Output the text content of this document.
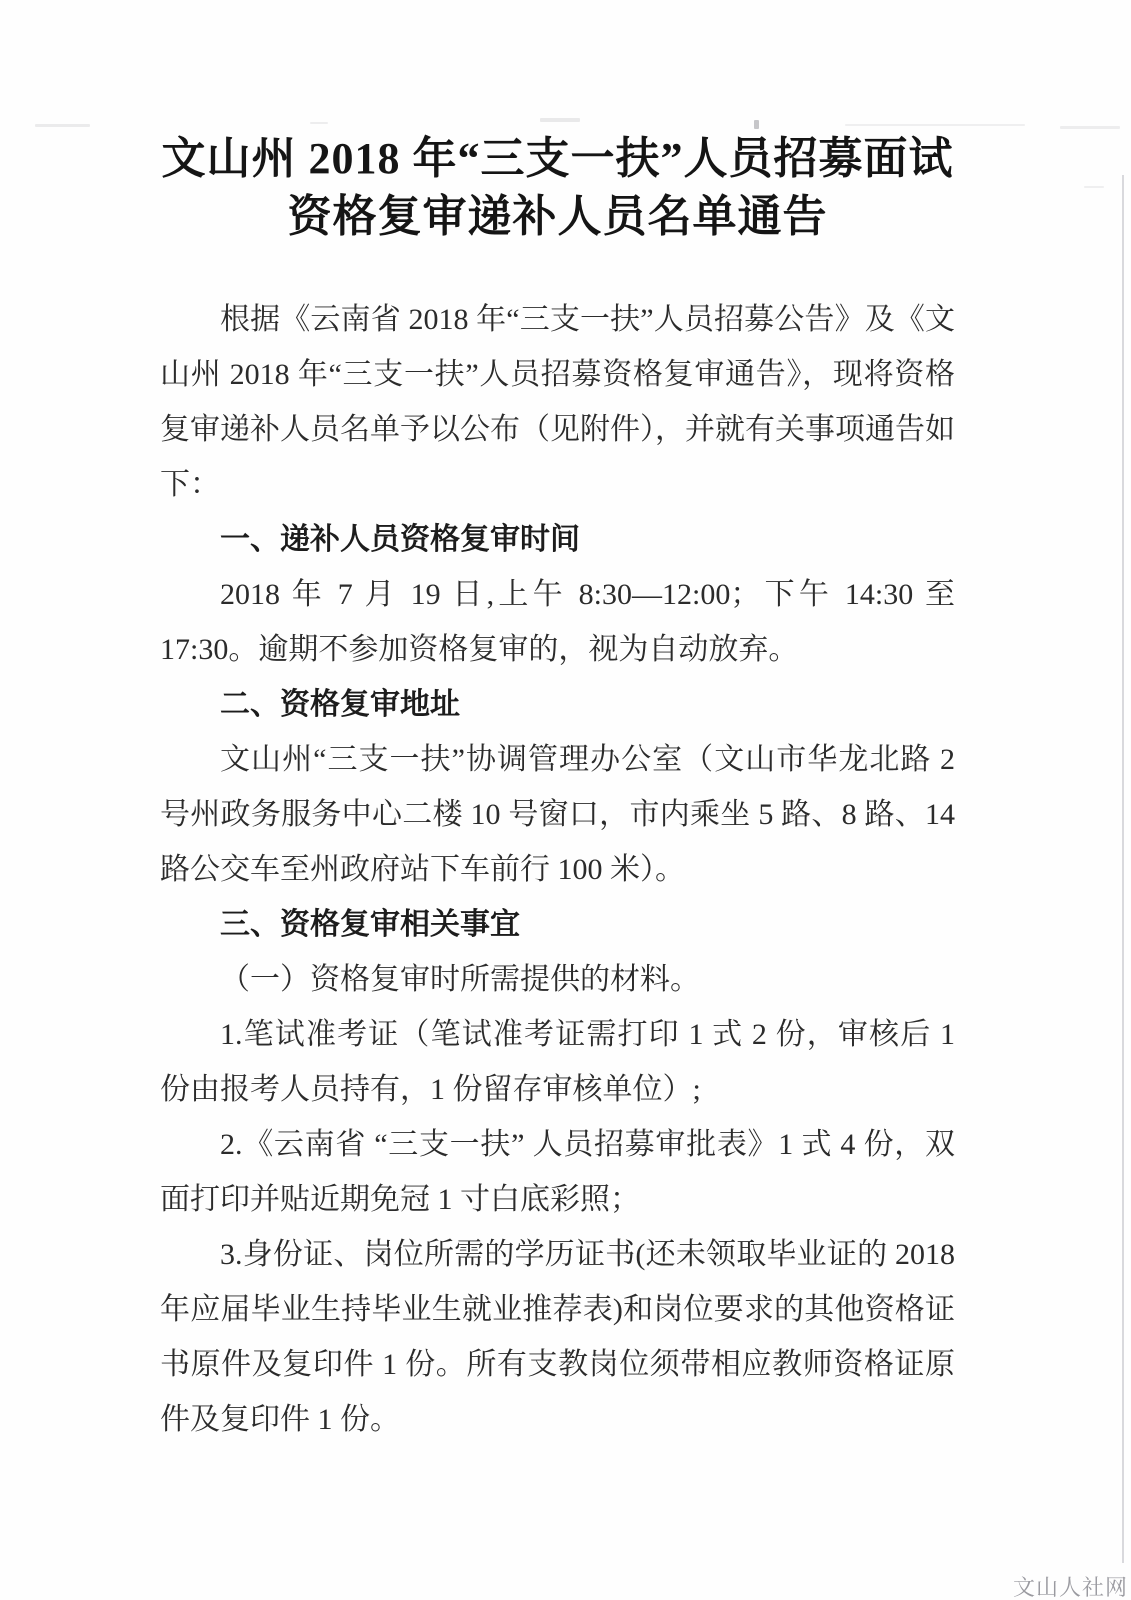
文山州 2018 年“三支一扶”人员招募面试
资格复审递补人员名单通告

根据《云南省 2018 年“三支一扶”人员招募公告》及《文山州 2018 年“三支一扶”人员招募资格复审通告》，现将资格复审递补人员名单予以公布（见附件），并就有关事项通告如下：

一、递补人员资格复审时间

2018 年 7 月 19 日,上午 8:30—12:00；下午 14:30 至 17:30。逾期不参加资格复审的，视为自动放弃。

二、资格复审地址

文山州“三支一扶”协调管理办公室（文山市华龙北路 2 号州政务服务中心二楼 10 号窗口，市内乘坐 5 路、8 路、14 路公交车至州政府站下车前行 100 米）。

三、资格复审相关事宜

（一）资格复审时所需提供的材料。

1.笔试准考证（笔试准考证需打印 1 式 2 份，审核后 1 份由报考人员持有，1 份留存审核单位）;

2.《云南省 “三支一扶” 人员招募审批表》1 式 4 份，双面打印并贴近期免冠 1 寸白底彩照；

3.身份证、岗位所需的学历证书(还未领取毕业证的 2018 年应届毕业生持毕业生就业推荐表)和岗位要求的其他资格证书原件及复印件 1 份。所有支教岗位须带相应教师资格证原件及复印件 1 份。

文山人社网
